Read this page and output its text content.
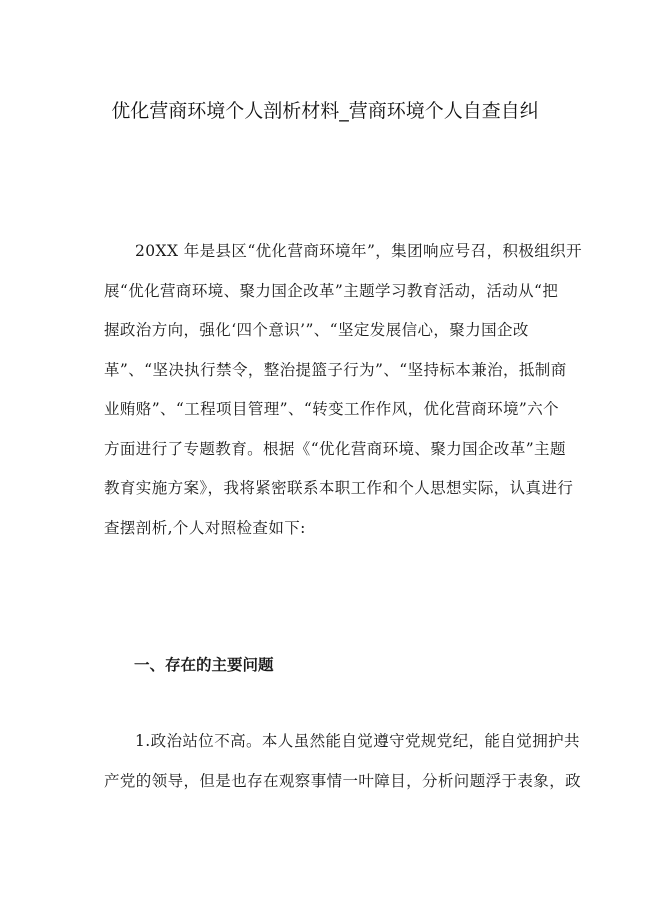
优化营商环境个人剖析材料_营商环境个人自查自纠
20XX 年是县区“优化营商环境年”，集团响应号召，积极组织开
展“优化营商环境、聚力国企改革”主题学习教育活动，活动从“把
握政治方向，强化‘四个意识’”、“坚定发展信心，聚力国企改
革”、“坚决执行禁令，整治提篮子行为”、“坚持标本兼治，抵制商
业贿赂”、“工程项目管理”、“转变工作作风，优化营商环境”六个
方面进行了专题教育。根据《“优化营商环境、聚力国企改革”主题
教育实施方案》，我将紧密联系本职工作和个人思想实际，认真进行
查摆剖析,个人对照检查如下:
一、存在的主要问题
1.政治站位不高。本人虽然能自觉遵守党规党纪，能自觉拥护共
产党的领导，但是也存在观察事情一叶障目，分析问题浮于表象，政
